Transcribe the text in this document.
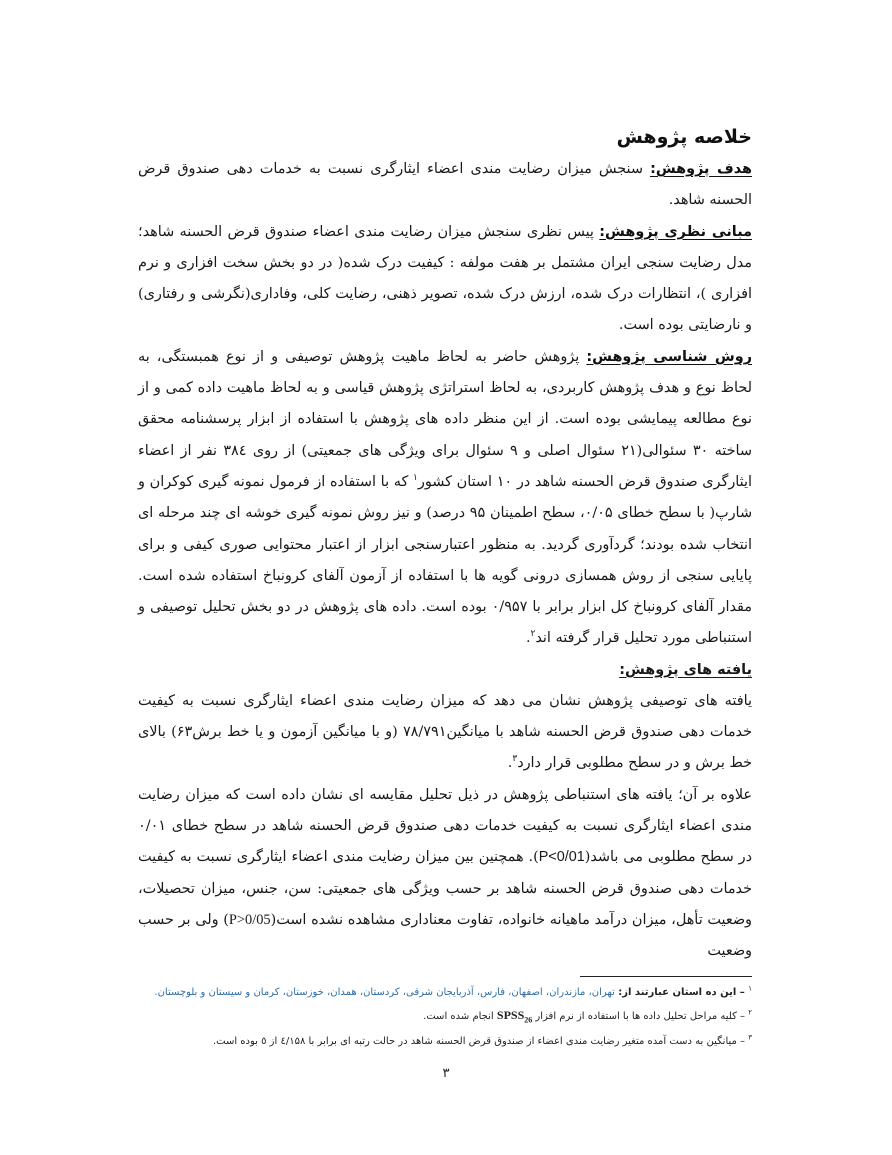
خلاصه پژوهش

هدف پژوهش: سنجش میزان رضایت مندی اعضاء ایثارگری نسبت به خدمات دهی صندوق قرض الحسنه شاهد.

مبانی نظری پژوهش: پیس نظری سنجش میزان رضایت مندی اعضاء صندوق قرض الحسنه شاهد؛ مدل رضایت سنجی ایران مشتمل بر هفت مولفه : کیفیت درک شده( در دو بخش سخت افزاری و نرم افزاری )، انتظارات درک شده، ارزش درک شده، تصویر ذهنی، رضایت کلی، وفاداری(نگرشی و رفتاری) و نارضایتی بوده است.

روش شناسی پژوهش: پژوهش حاضر به لحاظ ماهیت پژوهش توصیفی و از نوع همبستگی، به لحاظ نوع و هدف پژوهش کاربردی، به لحاظ استراتژی پژوهش قیاسی و به لحاظ ماهیت داده کمی و از نوع مطالعه پیمایشی بوده است. از این منظر داده های پژوهش با استفاده از ابزار پرسشنامه محقق ساخته ۳۰ سئوالی(۲۱ سئوال اصلی و ۹ سئوال برای ویژگی های جمعیتی) از روی ۳۸٤ نفر از اعضاء ایثارگری صندوق قرض الحسنه شاهد در ۱۰ استان کشور$^۱$ که با استفاده از فرمول نمونه گیری کوکران و شارپ( با سطح خطای ۰/۰۵، سطح اطمینان ۹۵ درصد) و نیز روش نمونه گیری خوشه ای چند مرحله ای انتخاب شده بودند؛ گردآوری گردید. به منظور اعتبارسنجی ابزار از اعتبار محتوایی صوری کیفی و برای پایایی سنجی از روش همسازی درونی گویه ها با استفاده از آزمون آلفای کرونباخ استفاده شده است. مقدار آلفای کرونباخ کل ابزار برابر با ۰/۹۵۷ بوده است. داده های پژوهش در دو بخش تحلیل توصیفی و استنباطی مورد تحلیل قرار گرفته اند$^۲$.

یافته های پژوهش:

یافته های توصیفی پژوهش نشان می دهد که میزان رضایت مندی اعضاء ایثارگری نسبت به کیفیت خدمات دهی صندوق قرض الحسنه شاهد با میانگین۷۸/۷۹۱ (و با میانگین آزمون و یا خط برش۶۳) بالای خط برش و در سطح مطلوبی قرار دارد$^۳$.

علاوه بر آن؛ یافته های استنباطی پژوهش در ذیل تحلیل مقایسه ای نشان داده است که میزان رضایت مندی اعضاء ایثارگری نسبت به کیفیت خدمات دهی صندوق قرض الحسنه شاهد در سطح خطای ۰/۰۱ در سطح مطلوبی می باشد(P<0/01). همچنین بین میزان رضایت مندی اعضاء ایثارگری نسبت به کیفیت خدمات دهی صندوق قرض الحسنه شاهد بر حسب ویژگی های جمعیتی: سن، جنس، میزان تحصیلات، وضعیت تأهل، میزان درآمد ماهیانه خانواده، تفاوت معناداری مشاهده نشده است(P>0/05) ولی بر حسب وضعیت

$^۱$ – این ده استان عبارتند از: تهران، مازندران، اصفهان، فارس، آذربایجان شرقی، کردستان، همدان، خوزستان، کرمان و سیستان و بلوچستان.

$^۲$ – کلیه مراحل تحلیل داده ها با استفاده از نرم افزار $SPSS_{26}$ انجام شده است.

$^۳$ – میانگین به دست آمده متغیر رضایت مندی اعضاء از صندوق قرض الحسنه شاهد در حالت رتبه ای برابر با ٤/۱۵۸ از ٥ بوده است.

۳
